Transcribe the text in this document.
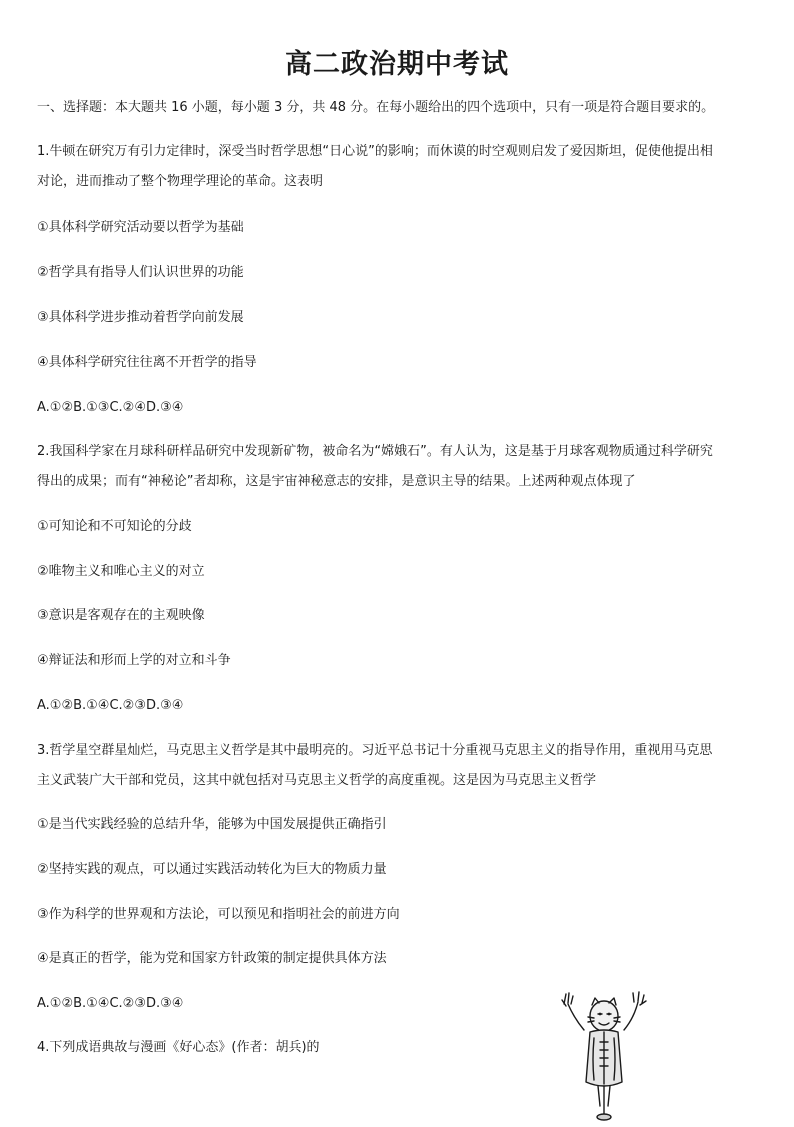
高二政治期中考试
一、选择题：本大题共 16 小题，每小题 3 分，共 48 分。在每小题给出的四个选项中，只有一项是符合题目要求的。
1.牛顿在研究万有引力定律时，深受当时哲学思想“日心说”的影响；而休谟的时空观则启发了爱因斯坦，促使他提出相
对论，进而推动了整个物理学理论的革命。这表明
①具体科学研究活动要以哲学为基础
②哲学具有指导人们认识世界的功能
③具体科学进步推动着哲学向前发展
④具体科学研究往往离不开哲学的指导
A.①②B.①③C.②④D.③④
2.我国科学家在月球科研样品研究中发现新矿物，被命名为“嫦娥石”。有人认为，这是基于月球客观物质通过科学研究
得出的成果；而有“神秘论”者却称，这是宇宙神秘意志的安排，是意识主导的结果。上述两种观点体现了
①可知论和不可知论的分歧
②唯物主义和唯心主义的对立
③意识是客观存在的主观映像
④辩证法和形而上学的对立和斗争
A.①②B.①④C.②③D.③④
3.哲学星空群星灿烂，马克思主义哲学是其中最明亮的。习近平总书记十分重视马克思主义的指导作用，重视用马克思
主义武装广大干部和党员，这其中就包括对马克思主义哲学的高度重视。这是因为马克思主义哲学
①是当代实践经验的总结升华，能够为中国发展提供正确指引
②坚持实践的观点，可以通过实践活动转化为巨大的物质力量
③作为科学的世界观和方法论，可以预见和指明社会的前进方向
④是真正的哲学，能为党和国家方针政策的制定提供具体方法
A.①②B.①④C.②③D.③④
4.下列成语典故与漫画《好心态》(作者：胡兵)的
